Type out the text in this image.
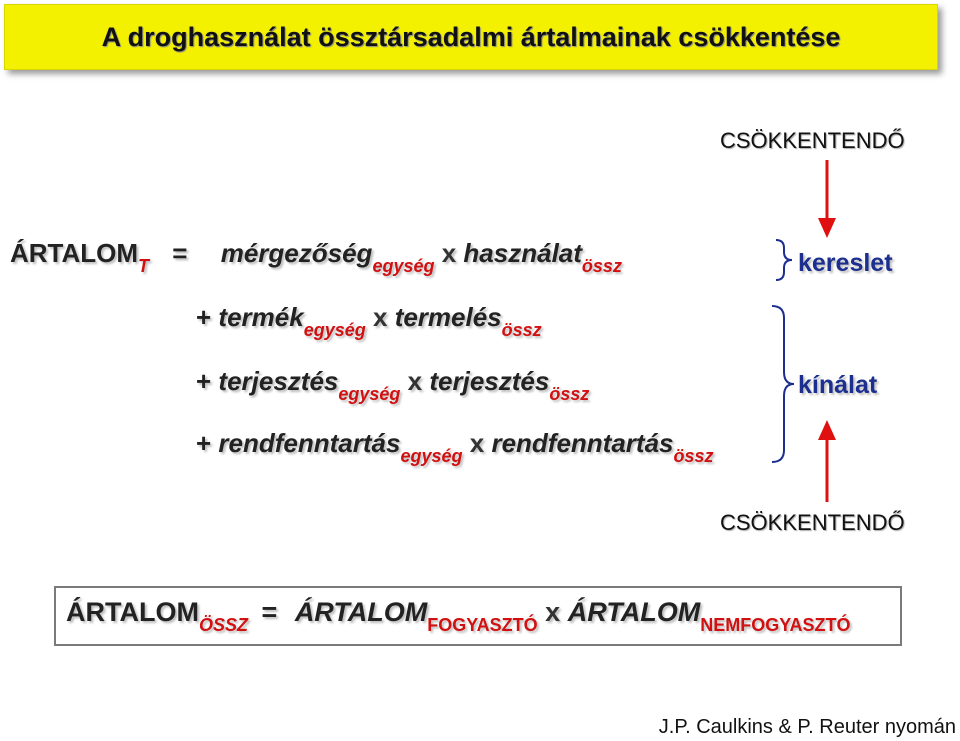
A droghasználat össztársadalmi ártalmainak csökkentése
CSÖKKENTENDŐ
CSÖKKENTENDŐ
$ÁRTALOM_T$ = mérgezőség$_{egység}$ x használat$_{össz}$
+ termék$_{egység}$ x termelés$_{össz}$
+ terjesztés$_{egység}$ x terjesztés$_{össz}$
+ rendfenntartás$_{egység}$ x rendfenntartás$_{össz}$
kereslet
kínálat
$ÁRTALOM_{ÖSSZ}$ = $ÁRTALOM_{FOGYASZTÓ}$ x $ÁRTALOM_{NEMFOGYASZTÓ}$
J.P. Caulkins & P. Reuter nyomán
